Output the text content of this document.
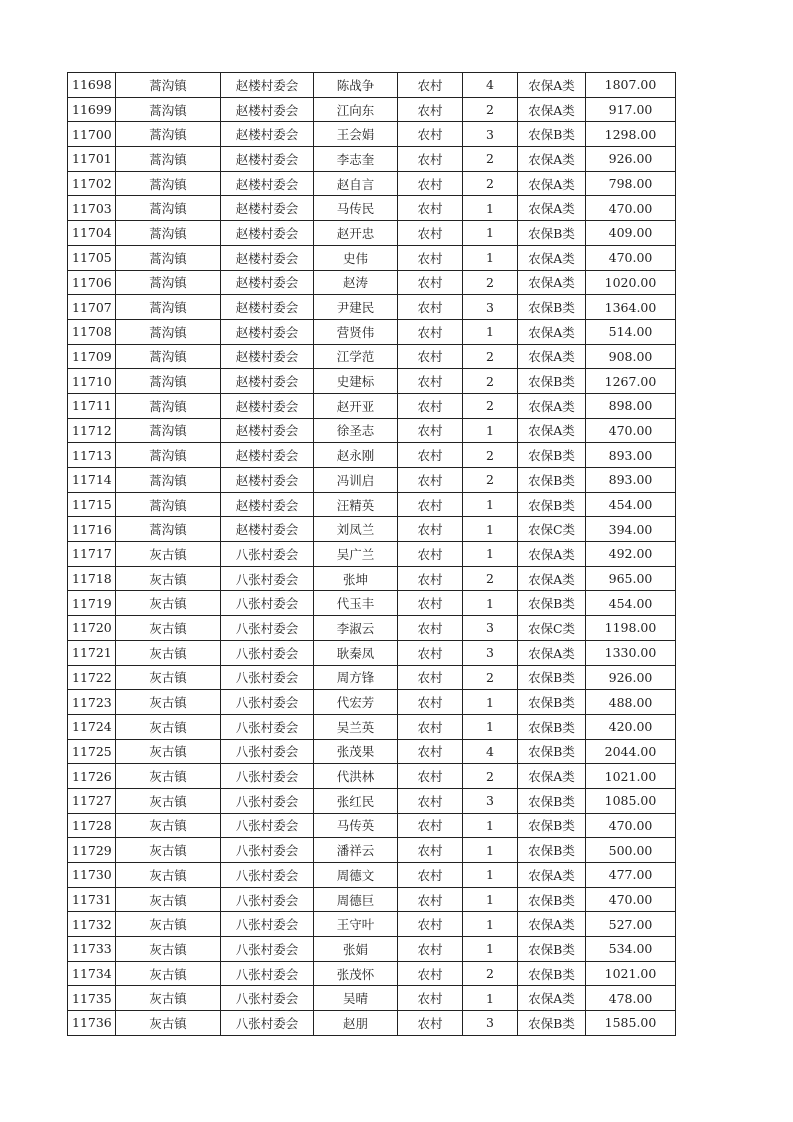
11698	蒿沟镇	赵楼村委会	陈战争	农村	4	农保A类	1807.00
11699	蒿沟镇	赵楼村委会	江向东	农村	2	农保A类	917.00
11700	蒿沟镇	赵楼村委会	王会娟	农村	3	农保B类	1298.00
11701	蒿沟镇	赵楼村委会	李志奎	农村	2	农保A类	926.00
11702	蒿沟镇	赵楼村委会	赵自言	农村	2	农保A类	798.00
11703	蒿沟镇	赵楼村委会	马传民	农村	1	农保A类	470.00
11704	蒿沟镇	赵楼村委会	赵开忠	农村	1	农保B类	409.00
11705	蒿沟镇	赵楼村委会	史伟	农村	1	农保A类	470.00
11706	蒿沟镇	赵楼村委会	赵涛	农村	2	农保A类	1020.00
11707	蒿沟镇	赵楼村委会	尹建民	农村	3	农保B类	1364.00
11708	蒿沟镇	赵楼村委会	营贤伟	农村	1	农保A类	514.00
11709	蒿沟镇	赵楼村委会	江学范	农村	2	农保A类	908.00
11710	蒿沟镇	赵楼村委会	史建标	农村	2	农保B类	1267.00
11711	蒿沟镇	赵楼村委会	赵开亚	农村	2	农保A类	898.00
11712	蒿沟镇	赵楼村委会	徐圣志	农村	1	农保A类	470.00
11713	蒿沟镇	赵楼村委会	赵永刚	农村	2	农保B类	893.00
11714	蒿沟镇	赵楼村委会	冯训启	农村	2	农保B类	893.00
11715	蒿沟镇	赵楼村委会	汪精英	农村	1	农保B类	454.00
11716	蒿沟镇	赵楼村委会	刘凤兰	农村	1	农保C类	394.00
11717	灰古镇	八张村委会	吴广兰	农村	1	农保A类	492.00
11718	灰古镇	八张村委会	张坤	农村	2	农保A类	965.00
11719	灰古镇	八张村委会	代玉丰	农村	1	农保B类	454.00
11720	灰古镇	八张村委会	李淑云	农村	3	农保C类	1198.00
11721	灰古镇	八张村委会	耿秦凤	农村	3	农保A类	1330.00
11722	灰古镇	八张村委会	周方锋	农村	2	农保B类	926.00
11723	灰古镇	八张村委会	代宏芳	农村	1	农保B类	488.00
11724	灰古镇	八张村委会	吴兰英	农村	1	农保B类	420.00
11725	灰古镇	八张村委会	张茂果	农村	4	农保B类	2044.00
11726	灰古镇	八张村委会	代洪林	农村	2	农保A类	1021.00
11727	灰古镇	八张村委会	张红民	农村	3	农保B类	1085.00
11728	灰古镇	八张村委会	马传英	农村	1	农保B类	470.00
11729	灰古镇	八张村委会	潘祥云	农村	1	农保B类	500.00
11730	灰古镇	八张村委会	周德文	农村	1	农保A类	477.00
11731	灰古镇	八张村委会	周德巨	农村	1	农保B类	470.00
11732	灰古镇	八张村委会	王守叶	农村	1	农保A类	527.00
11733	灰古镇	八张村委会	张娟	农村	1	农保B类	534.00
11734	灰古镇	八张村委会	张茂怀	农村	2	农保B类	1021.00
11735	灰古镇	八张村委会	吴晴	农村	1	农保A类	478.00
11736	灰古镇	八张村委会	赵朋	农村	3	农保B类	1585.00
